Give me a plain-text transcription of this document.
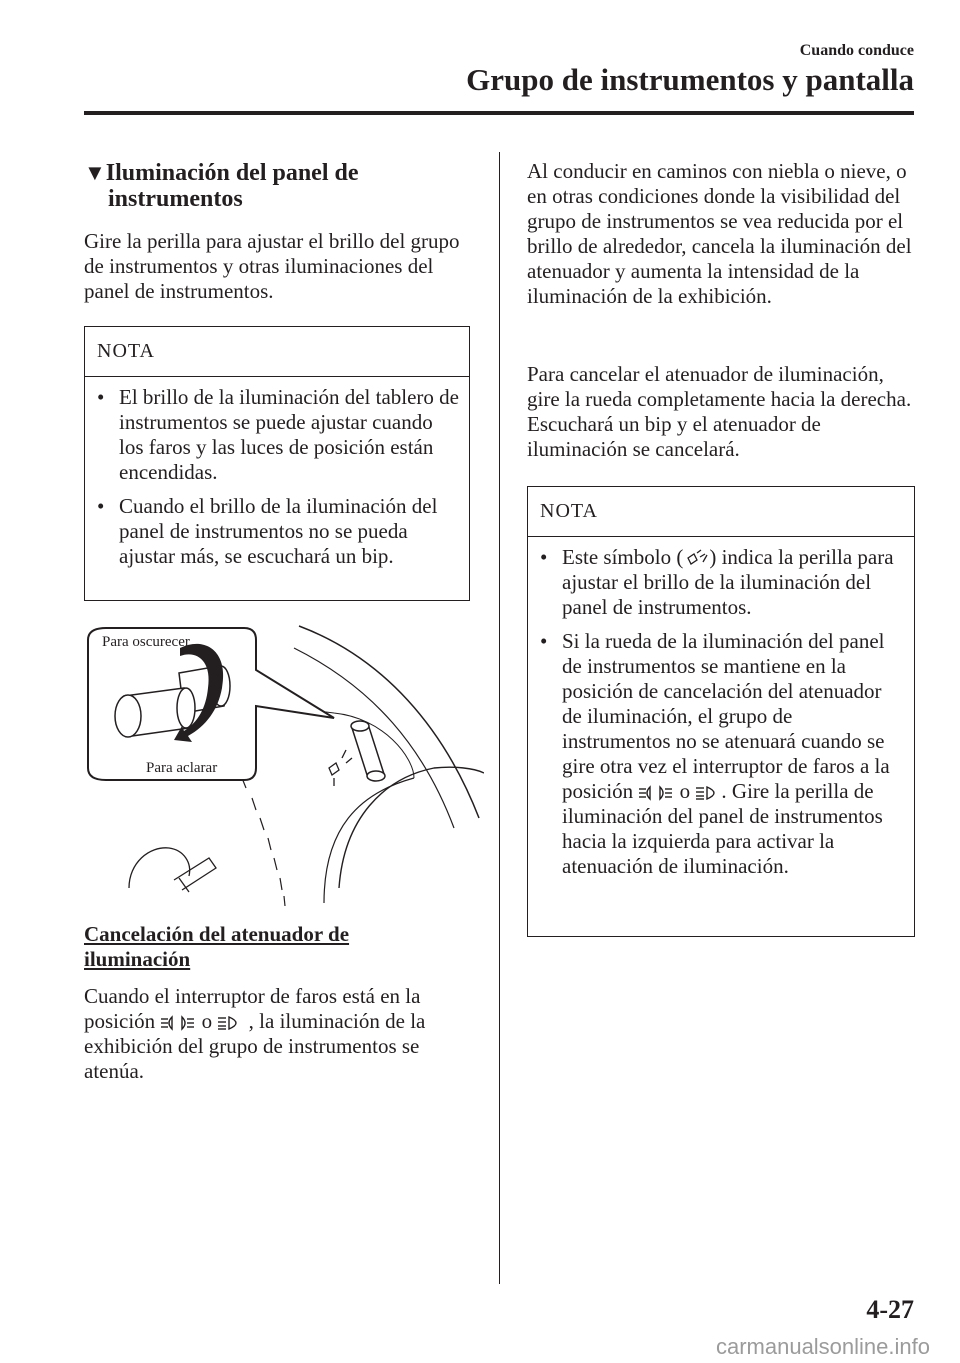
Cuando conduce
Grupo de instrumentos y pantalla
▼Iluminación del panel de
instrumentos
Gire la perilla para ajustar el brillo del grupo de instrumentos y otras iluminaciones del panel de instrumentos.
NOTA
• El brillo de la iluminación del tablero de instrumentos se puede ajustar cuando los faros y las luces de posición están encendidas.
• Cuando el brillo de la iluminación del panel de instrumentos no se pueda ajustar más, se escuchará un bip.
Para oscurecer
Para aclarar
Cancelación del atenuador de
iluminación
Cuando el interruptor de faros está en la posición o , la iluminación de la exhibición del grupo de instrumentos se atenúa.
Al conducir en caminos con niebla o nieve, o en otras condiciones donde la visibilidad del grupo de instrumentos se vea reducida por el brillo de alrededor, cancela la iluminación del atenuador y aumenta la intensidad de la iluminación de la exhibición.
Para cancelar el atenuador de iluminación, gire la rueda completamente hacia la derecha. Escuchará un bip y el atenuador de iluminación se cancelará.
NOTA
• Este símbolo ( ) indica la perilla para ajustar el brillo de la iluminación del panel de instrumentos.
• Si la rueda de la iluminación del panel de instrumentos se mantiene en la posición de cancelación del atenuador de iluminación, el grupo de instrumentos no se atenuará cuando se gire otra vez el interruptor de faros a la posición o . Gire la perilla de iluminación del panel de instrumentos hacia la izquierda para activar la atenuación de iluminación.
4-27
carmanualsonline.info
